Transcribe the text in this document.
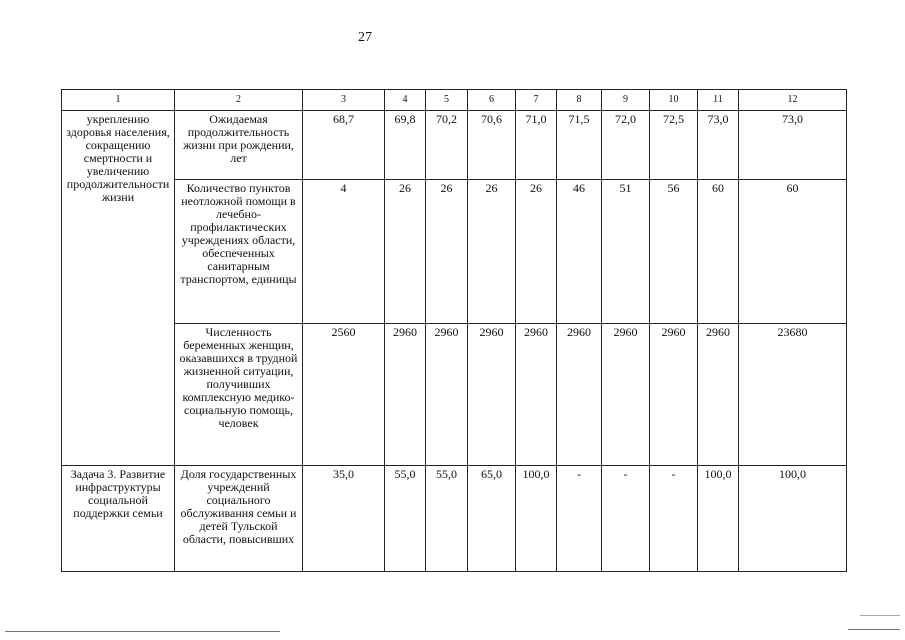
27
1	2	3	4	5	6	7	8	9	10	11	12
укреплению здоровья населения, сокращению смертности и увеличению продолжительности жизни	Ожидаемая продолжительность жизни при рождении, лет	68,7	69,8	70,2	70,6	71,0	71,5	72,0	72,5	73,0	73,0
	Количество пунктов неотложной помощи в лечебно-профилактических учреждениях области, обеспеченных санитарным транспортом, единицы	4	26	26	26	26	46	51	56	60	60
	Численность беременных женщин, оказавшихся в трудной жизненной ситуации, получивших комплексную медико-социальную помощь, человек	2560	2960	2960	2960	2960	2960	2960	2960	2960	23680
Задача 3. Развитие инфраструктуры социальной поддержки семьи	Доля государственных учреждений социального обслуживания семьи и детей Тульской области, повысивших	35,0	55,0	55,0	65,0	100,0	-	-	-	100,0	100,0
